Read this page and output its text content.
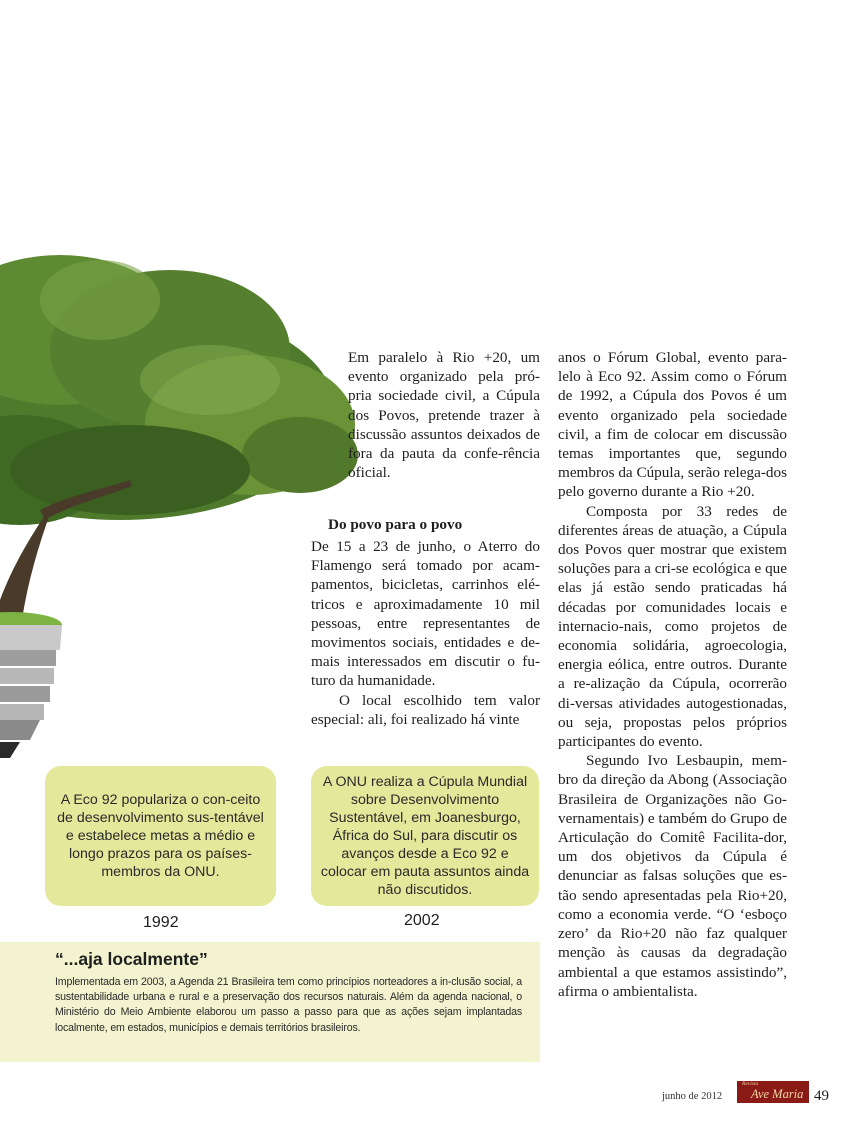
Em paralelo à Rio +20, um evento organizado pela pró-pria sociedade civil, a Cúpula dos Povos, pretende trazer à discussão assuntos deixados de fora da pauta da confe-rência oficial.

Do povo para o povo

De 15 a 23 de junho, o Aterro do Flamengo será tomado por acam-pamentos, bicicletas, carrinhos elé-tricos e aproximadamente 10 mil pessoas, entre representantes de movimentos sociais, entidades e de-mais interessados em discutir o fu-turo da humanidade.

O local escolhido tem valor especial: ali, foi realizado há vinte

anos o Fórum Global, evento para-lelo à Eco 92. Assim como o Fórum de 1992, a Cúpula dos Povos é um evento organizado pela sociedade civil, a fim de colocar em discussão temas importantes que, segundo membros da Cúpula, serão relega-dos pelo governo durante a Rio +20.

Composta por 33 redes de diferentes áreas de atuação, a Cúpula dos Povos quer mostrar que existem soluções para a cri-se ecológica e que elas já estão sendo praticadas há décadas por comunidades locais e internacio-nais, como projetos de economia solidária, agroecologia, energia eólica, entre outros. Durante a re-alização da Cúpula, ocorrerão di-versas atividades autogestionadas, ou seja, propostas pelos próprios participantes do evento.

Segundo Ivo Lesbaupin, mem-bro da direção da Abong (Associação Brasileira de Organizações não Go-vernamentais) e também do Grupo de Articulação do Comitê Facilita-dor, um dos objetivos da Cúpula é denunciar as falsas soluções que es-tão sendo apresentadas pela Rio+20, como a economia verde. “O ‘esboço zero’ da Rio+20 não faz qualquer menção às causas da degradação ambiental a que estamos assistindo”, afirma o ambientalista.

A Eco 92 populariza o con-ceito de desenvolvimento sus-tentável e estabelece metas a médio e longo prazos para os países-membros da ONU.
A ONU realiza a Cúpula Mundial sobre Desenvolvimento Sustentável, em Joanesburgo, África do Sul, para discutir os avanços desde a Eco 92 e colocar em pauta assuntos ainda não discutidos.
1992	2002
“...aja localmente”

Implementada em 2003, a Agenda 21 Brasileira tem como princípios norteadores a in-clusão social, a sustentabilidade urbana e rural e a preservação dos recursos naturais. Além da agenda nacional, o Ministério do Meio Ambiente elaborou um passo a passo para que as ações sejam implantadas localmente, em estados, municípios e demais territórios brasileiros.

junho de 2012
Revista
Ave Maria 49
